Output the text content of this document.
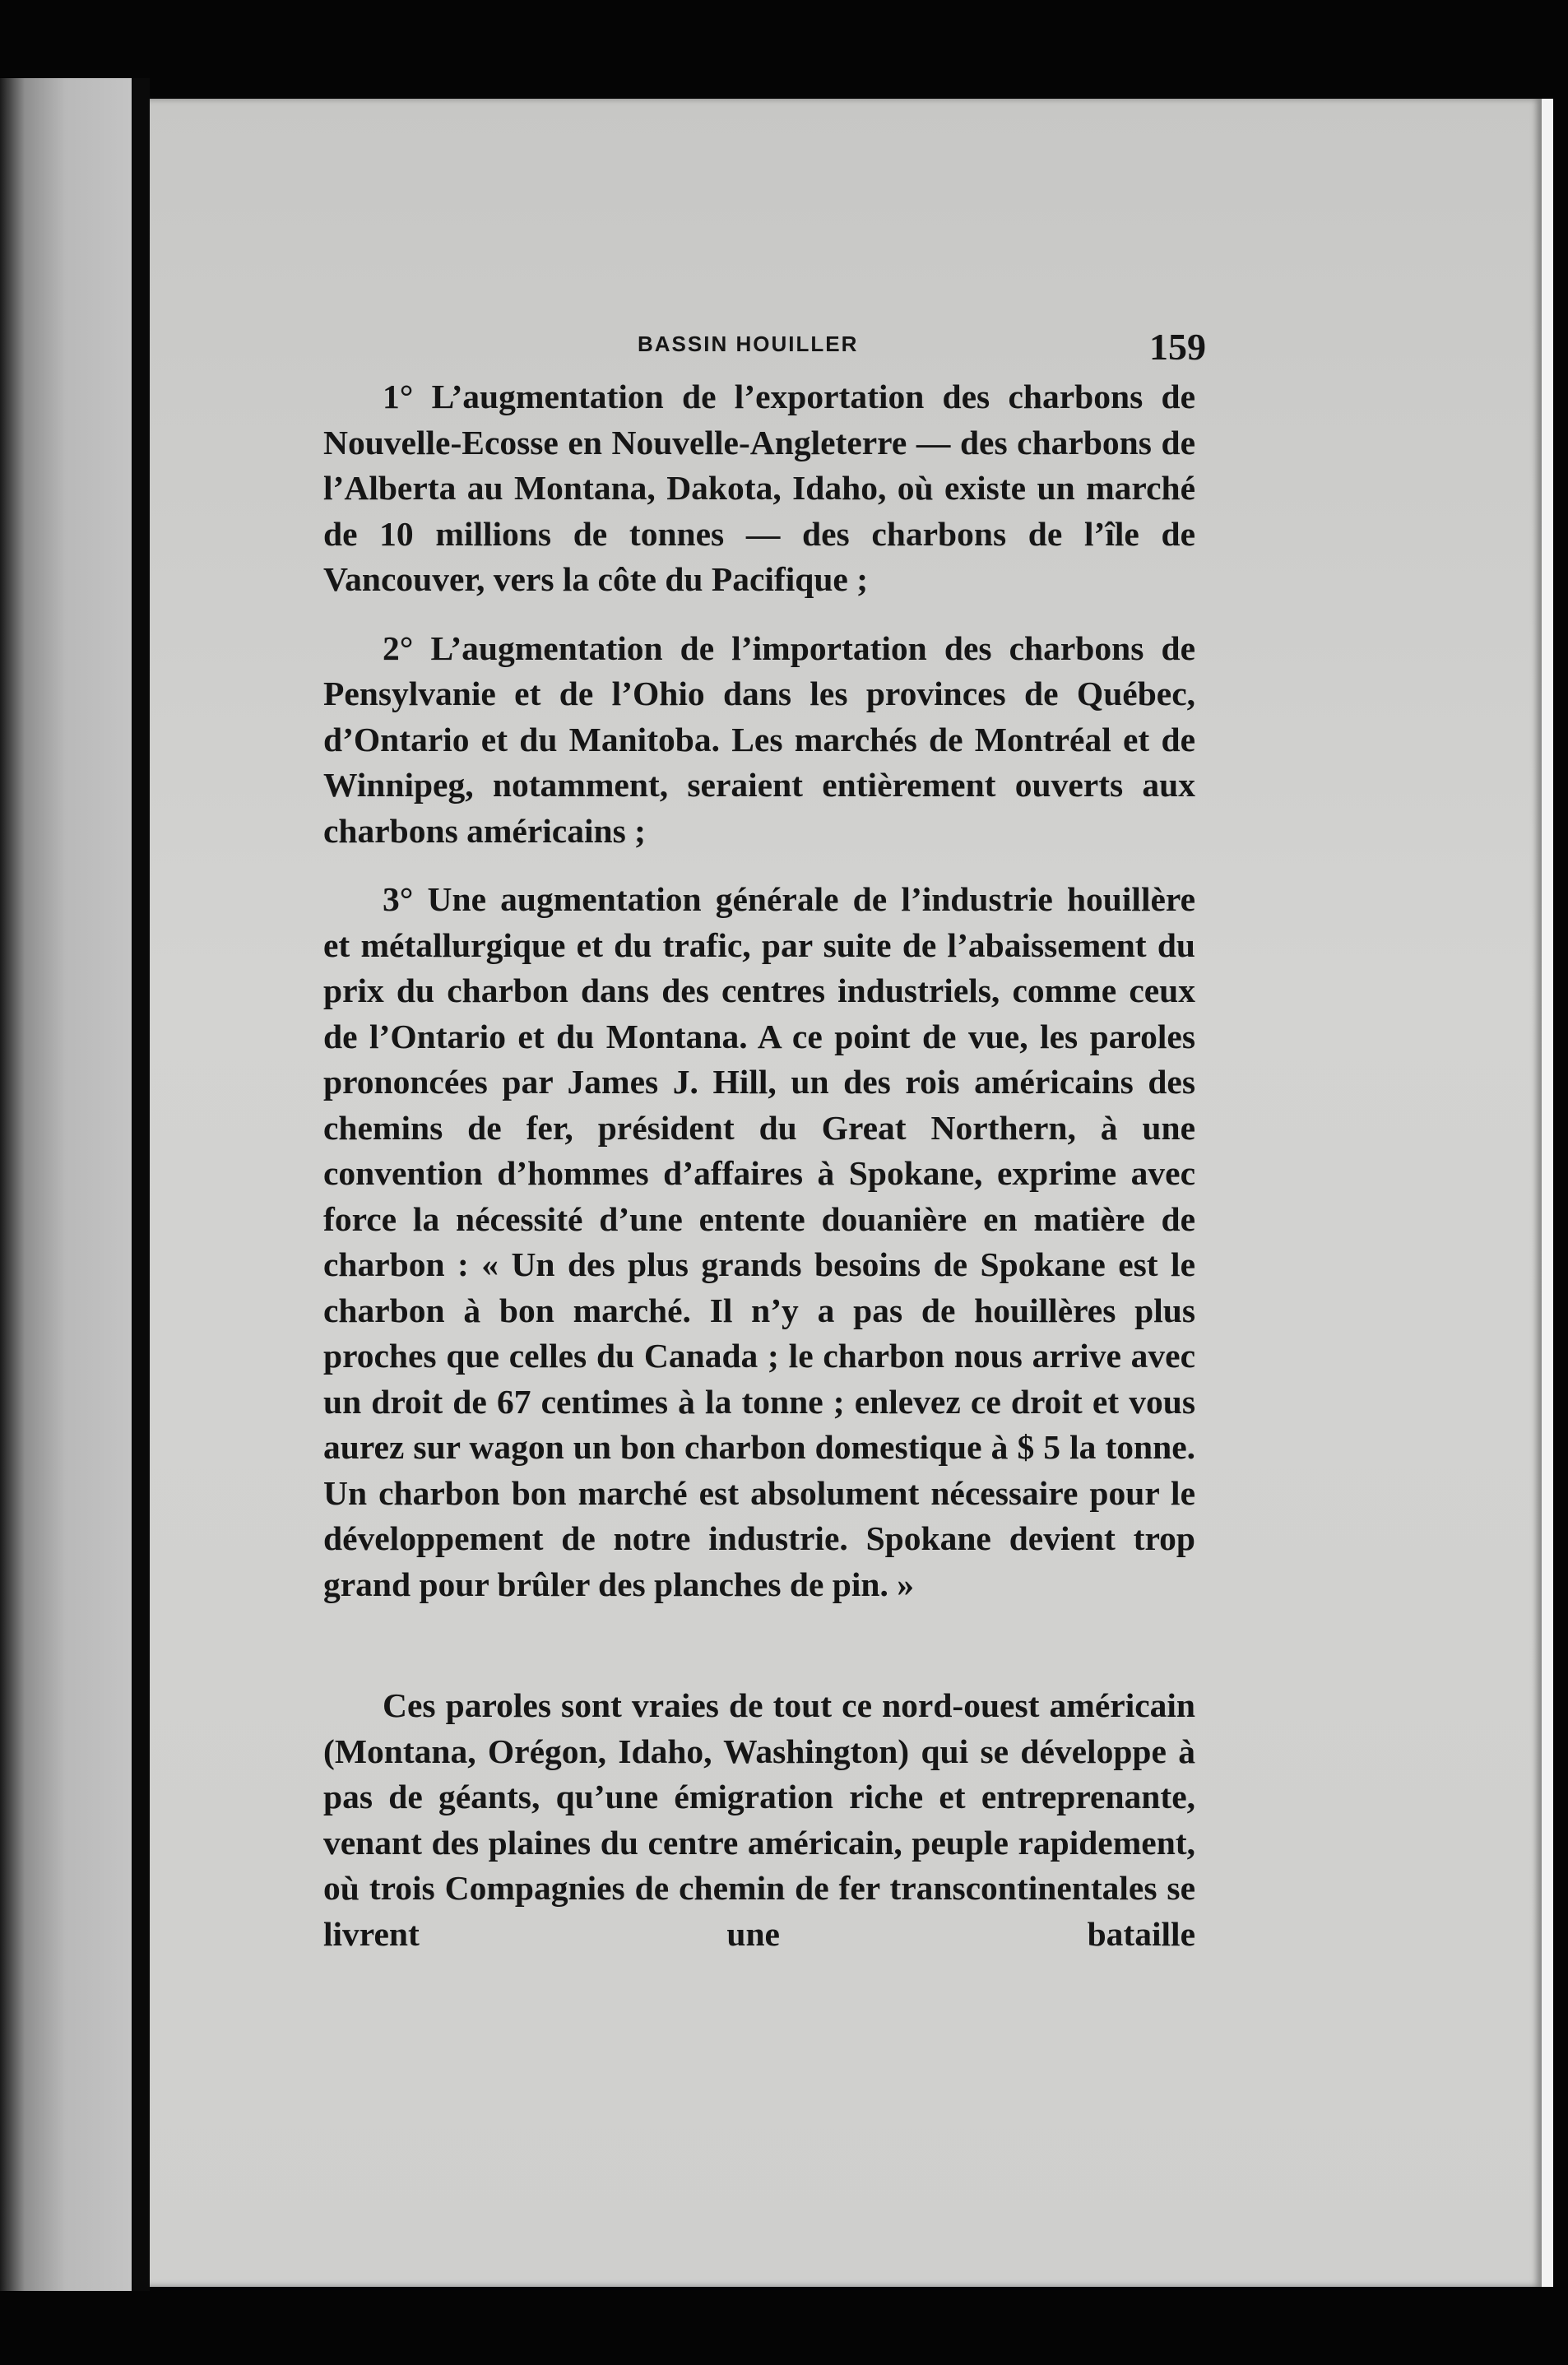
BASSIN HOUILLER	159

1° L’augmentation de l’exportation des charbons de Nouvelle-Ecosse en Nouvelle-Angleterre — des charbons de l’Alberta au Montana, Dakota, Idaho, où existe un marché de 10 millions de tonnes — des charbons de l’île de Vancouver, vers la côte du Pacifique ;

2° L’augmentation de l’importation des charbons de Pensylvanie et de l’Ohio dans les provinces de Québec, d’Ontario et du Manitoba. Les marchés de Montréal et de Winnipeg, notamment, seraient entièrement ouverts aux charbons américains ;

3° Une augmentation générale de l’industrie houillère et métallurgique et du trafic, par suite de l’abaissement du prix du charbon dans des centres industriels, comme ceux de l’Ontario et du Montana. A ce point de vue, les paroles prononcées par James J. Hill, un des rois américains des chemins de fer, président du Great Northern, à une convention d’hommes d’affaires à Spokane, exprime avec force la nécessité d’une entente douanière en matière de charbon : « Un des plus grands besoins de Spokane est le charbon à bon marché. Il n’y a pas de houillères plus proches que celles du Canada ; le charbon nous arrive avec un droit de 67 centimes à la tonne ; enlevez ce droit et vous aurez sur wagon un bon charbon domestique à $ 5 la tonne. Un charbon bon marché est absolument nécessaire pour le développement de notre industrie. Spokane devient trop grand pour brûler des planches de pin. »

Ces paroles sont vraies de tout ce nord-ouest américain (Montana, Orégon, Idaho, Washington) qui se développe à pas de géants, qu’une émigration riche et entreprenante, venant des plaines du centre américain, peuple rapidement, où trois Compagnies de chemin de fer transcontinentales se livrent une bataille
